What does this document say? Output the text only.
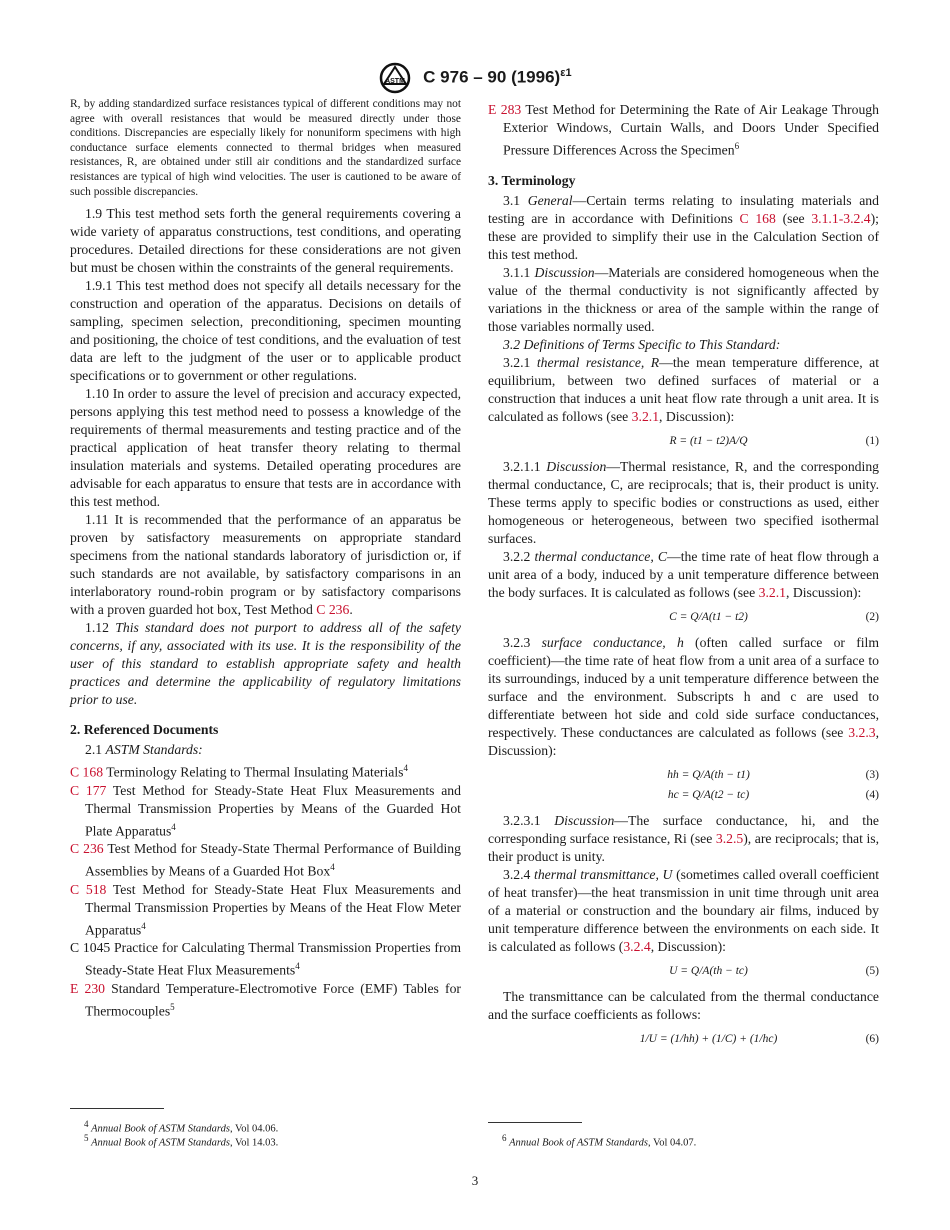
ASTM C 976 – 90 $(1996)^{\varepsilon 1}$

R, by adding standardized surface resistances typical of different conditions may not agree with overall resistances that would be measured directly under those conditions. Discrepancies are especially likely for nonuniform specimens with high conductance surface elements connected to thermal bridges when measured resistances, R, are obtained under still air conditions and the standardized surface resistances are typical of high wind velocities. The user is cautioned to be aware of such possible discrepancies.

1.9 This test method sets forth the general requirements covering a wide variety of apparatus constructions, test conditions, and operating procedures. Detailed directions for these considerations are not given but must be chosen within the constraints of the general requirements.

1.9.1 This test method does not specify all details necessary for the construction and operation of the apparatus. Decisions on details of sampling, specimen selection, preconditioning, specimen mounting and positioning, the choice of test conditions, and the evaluation of test data are left to the judgment of the user or to applicable product specifications or to government or other regulations.

1.10 In order to assure the level of precision and accuracy expected, persons applying this test method need to possess a knowledge of the requirements of thermal measurements and testing practice and of the practical application of heat transfer theory relating to thermal insulation materials and systems. Detailed operating procedures are advisable for each apparatus to ensure that tests are in accordance with this test method.

1.11 It is recommended that the performance of an apparatus be proven by satisfactory measurements on appropriate standard specimens from the national standards laboratory of jurisdiction or, if such standards are not available, by satisfactory comparisons in an interlaboratory round-robin program or by satisfactory comparisons with a proven guarded hot box, Test Method C 236.

1.12 This standard does not purport to address all of the safety concerns, if any, associated with its use. It is the responsibility of the user of this standard to establish appropriate safety and health practices and determine the applicability of regulatory limitations prior to use.

2. Referenced Documents

2.1 ASTM Standards:

C 168 Terminology Relating to Thermal Insulating Materials$^4$

C 177 Test Method for Steady-State Heat Flux Measurements and Thermal Transmission Properties by Means of the Guarded Hot Plate Apparatus$^4$

C 236 Test Method for Steady-State Thermal Performance of Building Assemblies by Means of a Guarded Hot Box$^4$

C 518 Test Method for Steady-State Heat Flux Measurements and Thermal Transmission Properties by Means of the Heat Flow Meter Apparatus$^4$

C 1045 Practice for Calculating Thermal Transmission Properties from Steady-State Heat Flux Measurements$^4$

E 230 Standard Temperature-Electromotive Force (EMF) Tables for Thermocouples$^5$

E 283 Test Method for Determining the Rate of Air Leakage Through Exterior Windows, Curtain Walls, and Doors Under Specified Pressure Differences Across the Specimen$^6$

3. Terminology

3.1 General—Certain terms relating to insulating materials and testing are in accordance with Definitions C 168 (see 3.1.1-3.2.4); these are provided to simplify their use in the Calculation Section of this test method.

3.1.1 Discussion—Materials are considered homogeneous when the value of the thermal conductivity is not significantly affected by variations in the thickness or area of the sample within the range of those variables normally used.

3.2 Definitions of Terms Specific to This Standard:

3.2.1 thermal resistance, R—the mean temperature difference, at equilibrium, between two defined surfaces of material or a construction that induces a unit heat flow rate through a unit area. It is calculated as follows (see 3.2.1, Discussion):

R = (t1 − t2)A/Q	(1)

3.2.1.1 Discussion—Thermal resistance, R, and the corresponding thermal conductance, C, are reciprocals; that is, their product is unity. These terms apply to specific bodies or constructions as used, either homogeneous or heterogeneous, between two specified isothermal surfaces.

3.2.2 thermal conductance, C—the time rate of heat flow through a unit area of a body, induced by a unit temperature difference between the body surfaces. It is calculated as follows (see 3.2.1, Discussion):

C = Q/A(t1 − t2)	(2)

3.2.3 surface conductance, h (often called surface or film coefficient)—the time rate of heat flow from a unit area of a surface to its surroundings, induced by a unit temperature difference between the surface and the environment. Subscripts h and c are used to differentiate between hot side and cold side surface conductances, respectively. These conductances are calculated as follows (see 3.2.3, Discussion):

hh = Q/A(th − t1)	(3)
hc = Q/A(t2 − tc)	(4)

3.2.3.1 Discussion—The surface conductance, hi, and the corresponding surface resistance, Ri (see 3.2.5), are reciprocals; that is, their product is unity.

3.2.4 thermal transmittance, U (sometimes called overall coefficient of heat transfer)—the heat transmission in unit time through unit area of a material or construction and the boundary air films, induced by unit temperature difference between the environments on each side. It is calculated as follows (3.2.4, Discussion):

U = Q/A(th − tc)	(5)

The transmittance can be calculated from the thermal conductance and the surface coefficients as follows:

1/U = (1/hh) + (1/C) + (1/hc)	(6)
$^4$ Annual Book of ASTM Standards, Vol 04.06.
$^5$ Annual Book of ASTM Standards, Vol 14.03.	$^6$ Annual Book of ASTM Standards, Vol 04.07.
3
